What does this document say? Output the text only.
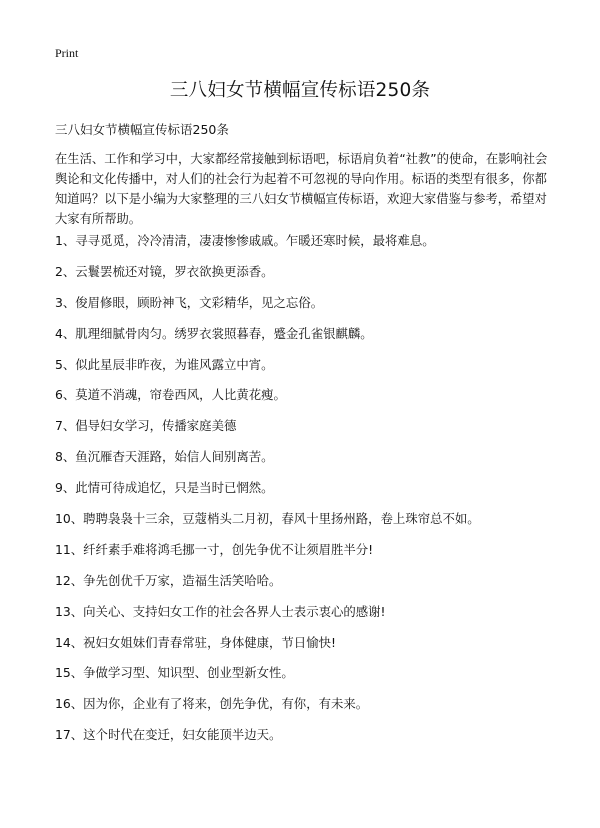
Print
三八妇女节横幅宣传标语250条
三八妇女节横幅宣传标语250条

在生活、工作和学习中，大家都经常接触到标语吧，标语肩负着“社教”的使命，在影响社会舆论和文化传播中，对人们的社会行为起着不可忽视的导向作用。标语的类型有很多，你都知道吗？以下是小编为大家整理的三八妇女节横幅宣传标语，欢迎大家借鉴与参考，希望对大家有所帮助。

1、寻寻觅觅，冷冷清清，凄凄惨惨戚戚。乍暖还寒时候，最将难息。
2、云鬟罢梳还对镜，罗衣欲换更添香。
3、俊眉修眼，顾盼神飞，文彩精华，见之忘俗。
4、肌理细腻骨肉匀。绣罗衣裳照暮春，蹙金孔雀银麒麟。
5、似此星辰非昨夜，为谁风露立中宵。
6、莫道不消魂，帘卷西风，人比黄花瘦。
7、倡导妇女学习，传播家庭美德
8、鱼沉雁杳天涯路，始信人间别离苦。
9、此情可待成追忆，只是当时已惘然。
10、聘聘袅袅十三余，豆蔻梢头二月初，春风十里扬州路，卷上珠帘总不如。
11、纤纤素手难将鸿毛挪一寸，创先争优不让须眉胜半分!
12、争先创优千万家，造福生活笑哈哈。
13、向关心、支持妇女工作的社会各界人士表示衷心的感谢!
14、祝妇女姐妹们青春常驻，身体健康，节日愉快!
15、争做学习型、知识型、创业型新女性。
16、因为你，企业有了将来，创先争优，有你，有未来。
17、这个时代在变迁，妇女能顶半边天。
